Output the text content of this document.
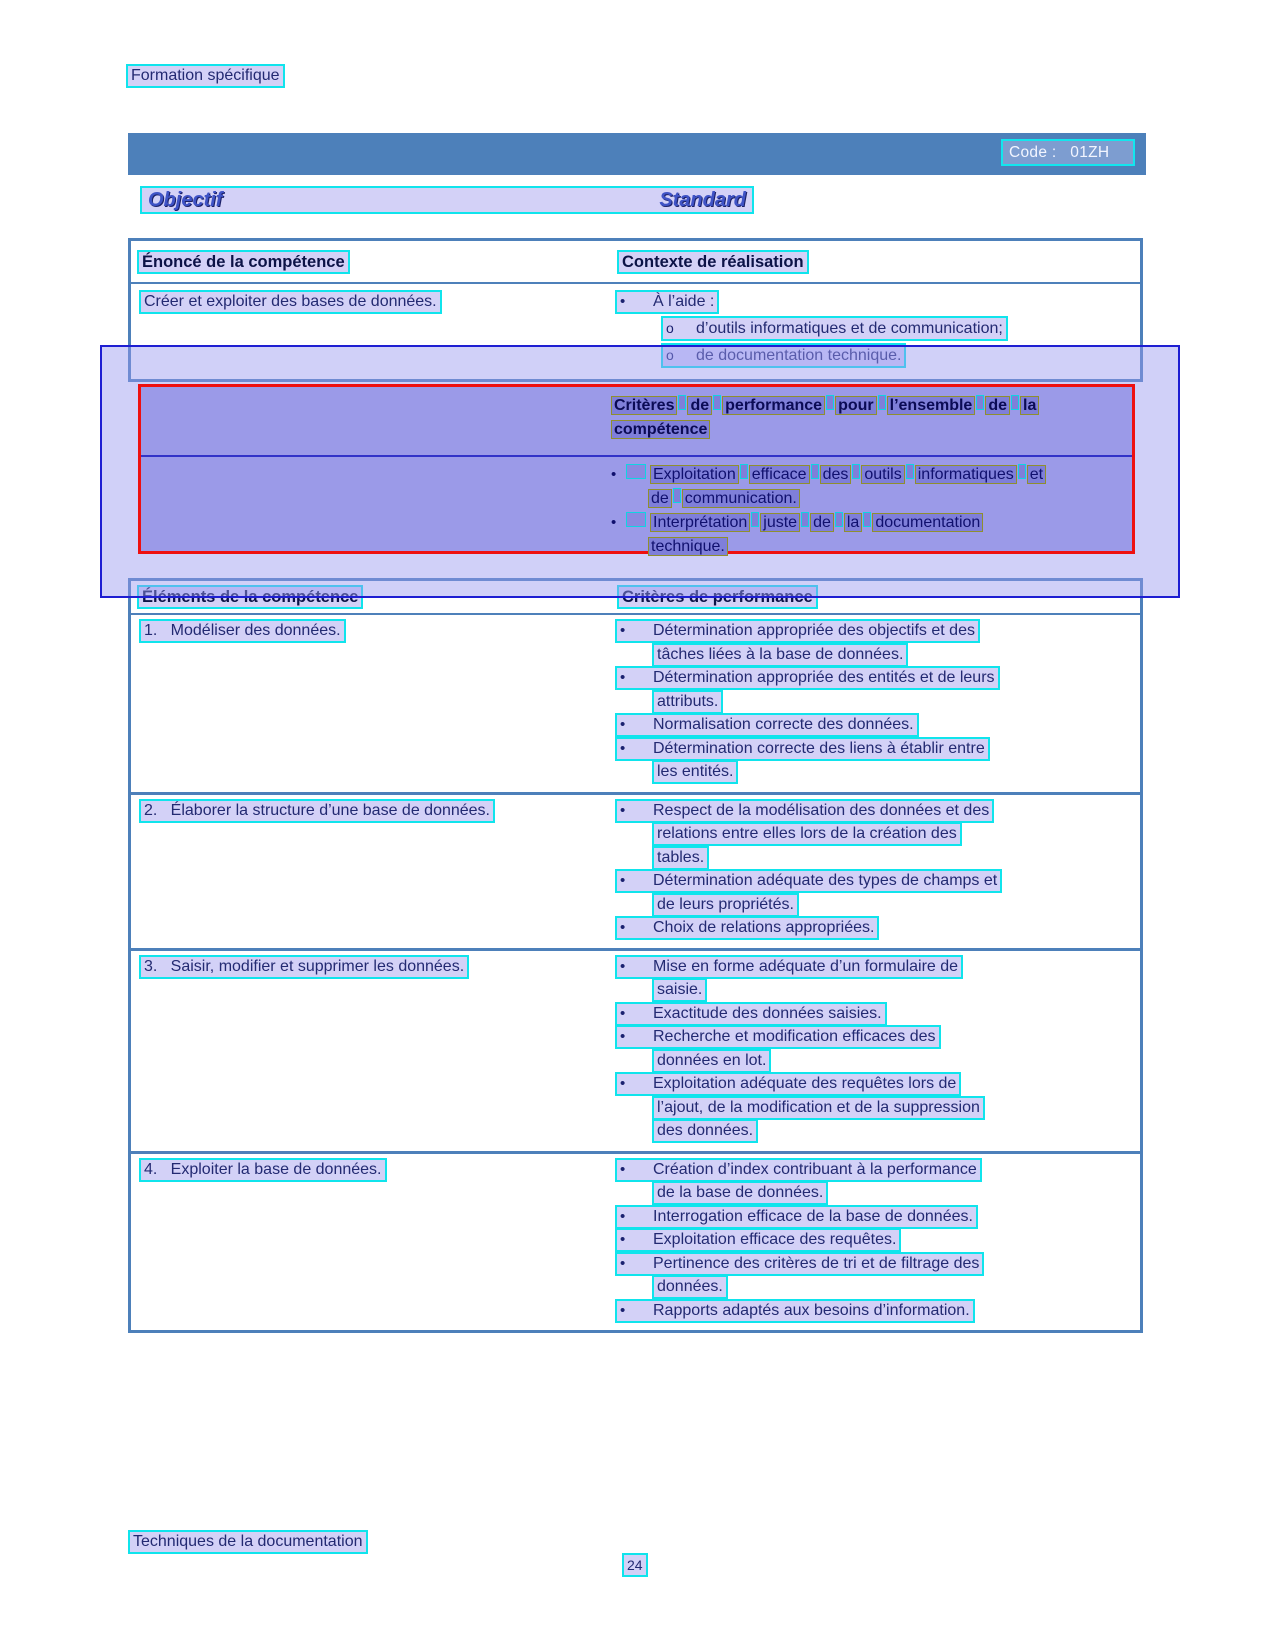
Formation spécifique
Code :   01ZH
Objectif	Standard
Énoncé de la compétence	Contexte de réalisation
Créer et exploiter des bases de données.	• À l’aide :
o d’outils informatiques et de communication;
o de documentation technique.
Éléments de la compétence	Critères de performance
1.   Modéliser des données.	• Détermination appropriée des objectifs et des
tâches liées à la base de données.
• Détermination appropriée des entités et de leurs
attributs.
• Normalisation correcte des données.
• Détermination correcte des liens à établir entre
les entités.
2.   Élaborer la structure d’une base de données.	• Respect de la modélisation des données et des
relations entre elles lors de la création des
tables.
• Détermination adéquate des types de champs et
de leurs propriétés.
• Choix de relations appropriées.
3.   Saisir, modifier et supprimer les données.	• Mise en forme adéquate d’un formulaire de
saisie.
• Exactitude des données saisies.
• Recherche et modification efficaces des
données en lot.
• Exploitation adéquate des requêtes lors de
l’ajout, de la modification et de la suppression
des données.
4.   Exploiter la base de données.	• Création d’index contribuant à la performance
de la base de données.
• Interrogation efficace de la base de données.
• Exploitation efficace des requêtes.
• Pertinence des critères de tri et de filtrage des
données.
• Rapports adaptés aux besoins d’information.
Critères de performance pour l’ensemble de la
compétence
• Exploitation efficace des outils informatiques et
de communication.
• Interprétation juste de la documentation
technique.
Techniques de la documentation
24
